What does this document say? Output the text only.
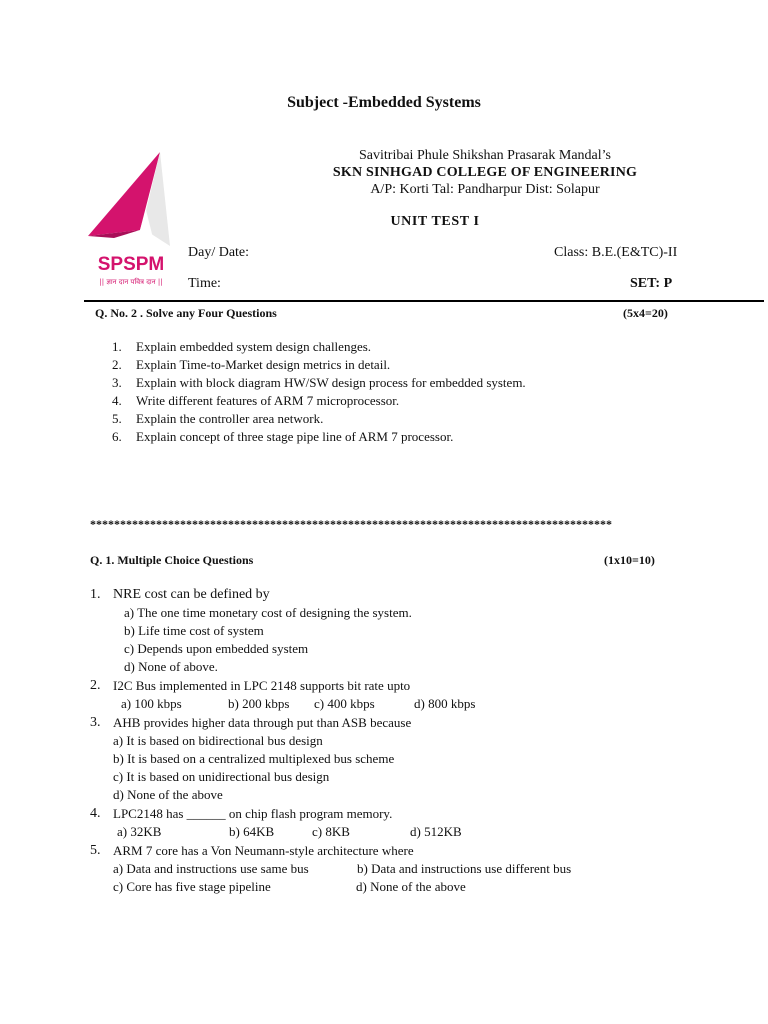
Subject -Embedded Systems
SPSPM
|| ज्ञान दान पवित्र दान ||
Savitribai Phule Shikshan Prasarak Mandal’s
SKN SINHGAD COLLEGE OF ENGINEERING
A/P: Korti Tal: Pandharpur Dist: Solapur
UNIT TEST I
Day/ Date:	Class: B.E.(E&TC)-II
Time:	SET: P
Q. No. 2 . Solve any Four Questions	(5x4=20)
1. Explain embedded system design challenges.
2. Explain Time-to-Market design metrics in detail.
3. Explain with block diagram HW/SW design process for embedded system.
4. Write different features of ARM 7 microprocessor.
5. Explain the controller area network.
6. Explain concept of three stage pipe line of ARM 7 processor.
***************************************************************************************
Q. 1. Multiple Choice Questions	(1x10=10)
1. NRE cost can be defined by
a) The one time monetary cost of designing the system.
b) Life time cost of system
c) Depends upon embedded system
d) None of above.
2. I2C Bus implemented in LPC 2148 supports bit rate upto
a) 100 kbps	b) 200 kbps c) 400 kbps	d) 800 kbps
3. AHB provides higher data through put than ASB because
a) It is based on bidirectional bus design
b) It is based on a centralized multiplexed bus scheme
c) It is based on unidirectional bus design
d) None of the above
4. LPC2148 has ______ on chip flash program memory.
a) 32KB	b) 64KB	c) 8KB	d) 512KB
5. ARM 7 core has a Von Neumann-style architecture where
a) Data and instructions use same bus	b) Data and instructions use different bus
c) Core has five stage pipeline	d) None of the above
